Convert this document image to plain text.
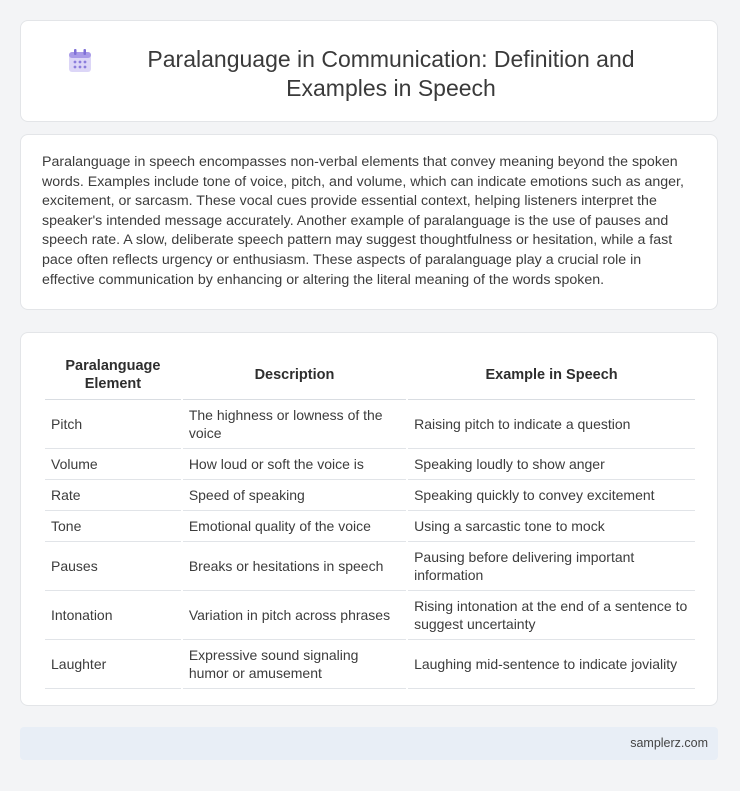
Paralanguage in Communication: Definition and Examples in Speech

Paralanguage in speech encompasses non-verbal elements that convey meaning beyond the spoken words. Examples include tone of voice, pitch, and volume, which can indicate emotions such as anger, excitement, or sarcasm. These vocal cues provide essential context, helping listeners interpret the speaker's intended message accurately. Another example of paralanguage is the use of pauses and speech rate. A slow, deliberate speech pattern may suggest thoughtfulness or hesitation, while a fast pace often reflects urgency or enthusiasm. These aspects of paralanguage play a crucial role in effective communication by enhancing or altering the literal meaning of the words spoken.

Paralanguage Element	Description	Example in Speech
Pitch	The highness or lowness of the voice	Raising pitch to indicate a question
Volume	How loud or soft the voice is	Speaking loudly to show anger
Rate	Speed of speaking	Speaking quickly to convey excitement
Tone	Emotional quality of the voice	Using a sarcastic tone to mock
Pauses	Breaks or hesitations in speech	Pausing before delivering important information
Intonation	Variation in pitch across phrases	Rising intonation at the end of a sentence to suggest uncertainty
Laughter	Expressive sound signaling humor or amusement	Laughing mid-sentence to indicate joviality
samplerz.com
